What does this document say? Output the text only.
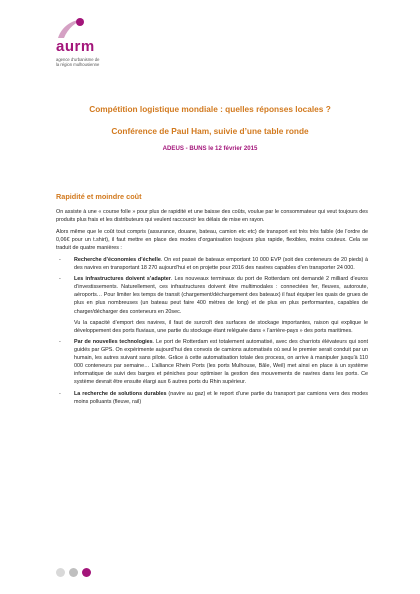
aurm
agence d'urbanisme de
la région mulhousienne

Compétition logistique mondiale : quelles réponses locales ?

Conférence de Paul Ham, suivie d’une table ronde

ADEUS - BUNS le 12 février 2015
Rapidité et moindre coût

On assiste à une « course folle » pour plus de rapidité et une baisse des coûts, voulue par le consommateur qui veut toujours des produits plus frais et les distributeurs qui veulent raccourcir les délais de mise en rayon.

Alors même que le coût tout compris (assurance, douane, bateau, camion etc etc) de transport est très très faible (de l’ordre de 0,06€ pour un t.shirt), il faut mettre en place des modes d’organisation toujours plus rapide, flexibles, moins couteux. Cela se traduit de quatre manières :

- Recherche d’économies d’échelle. On est passé de bateaux emportant 10 000 EVP (soit des conteneurs de 20 pieds) à des navires en transportant 18 270 aujourd’hui et on projette pour 2016 des navires capables d’en transporter 24 000.

- Les infrastructures doivent s’adapter. Les nouveaux terminaux du port de Rotterdam ont demandé 2 milliard d’euros d’investissements. Naturellement, ces infrastructures doivent être multimodales : connectées fer, fleuves, autoroute, aéroports… Pour limiter les temps de transit (chargement/déchargement des bateaux) il faut équiper les quais de grues de plus en plus nombreuses (un bateau peut faire 400 mètres de long) et de plus en plus performantes, capables de charger/décharger des conteneurs en 20sec.

Vu la capacité d’emport des navires, il faut de surcroît des surfaces de stockage importantes, raison qui explique le développement des ports fluviaux, une partie du stockage étant reléguée dans « l’arrière-pays » des ports maritimes.

- Par de nouvelles technologies. Le port de Rotterdam est totalement automatisé, avec des charriots élévateurs qui sont guidés par GPS. On expérimente aujourd’hui des convois de camions automatisés où seul le premier serait conduit par un humain, les autres suivant sans pilote. Grâce à cette automatisation totale des process, on arrive à manipuler jusqu’à 110 000 conteneurs par semaine… L’alliance Rhein Ports (les ports Mulhouse, Bâle, Weil) met ainsi en place à un système informatique de suivi des barges et péniches pour optimiser la gestion des mouvements de navires dans les ports. Ce système devrait être ensuite élargi aux 6 autres ports du Rhin supérieur.

- La recherche de solutions durables (navire au gaz) et le report d’une partie du transport par camions vers des modes moins polluants (fleuve, rail)
